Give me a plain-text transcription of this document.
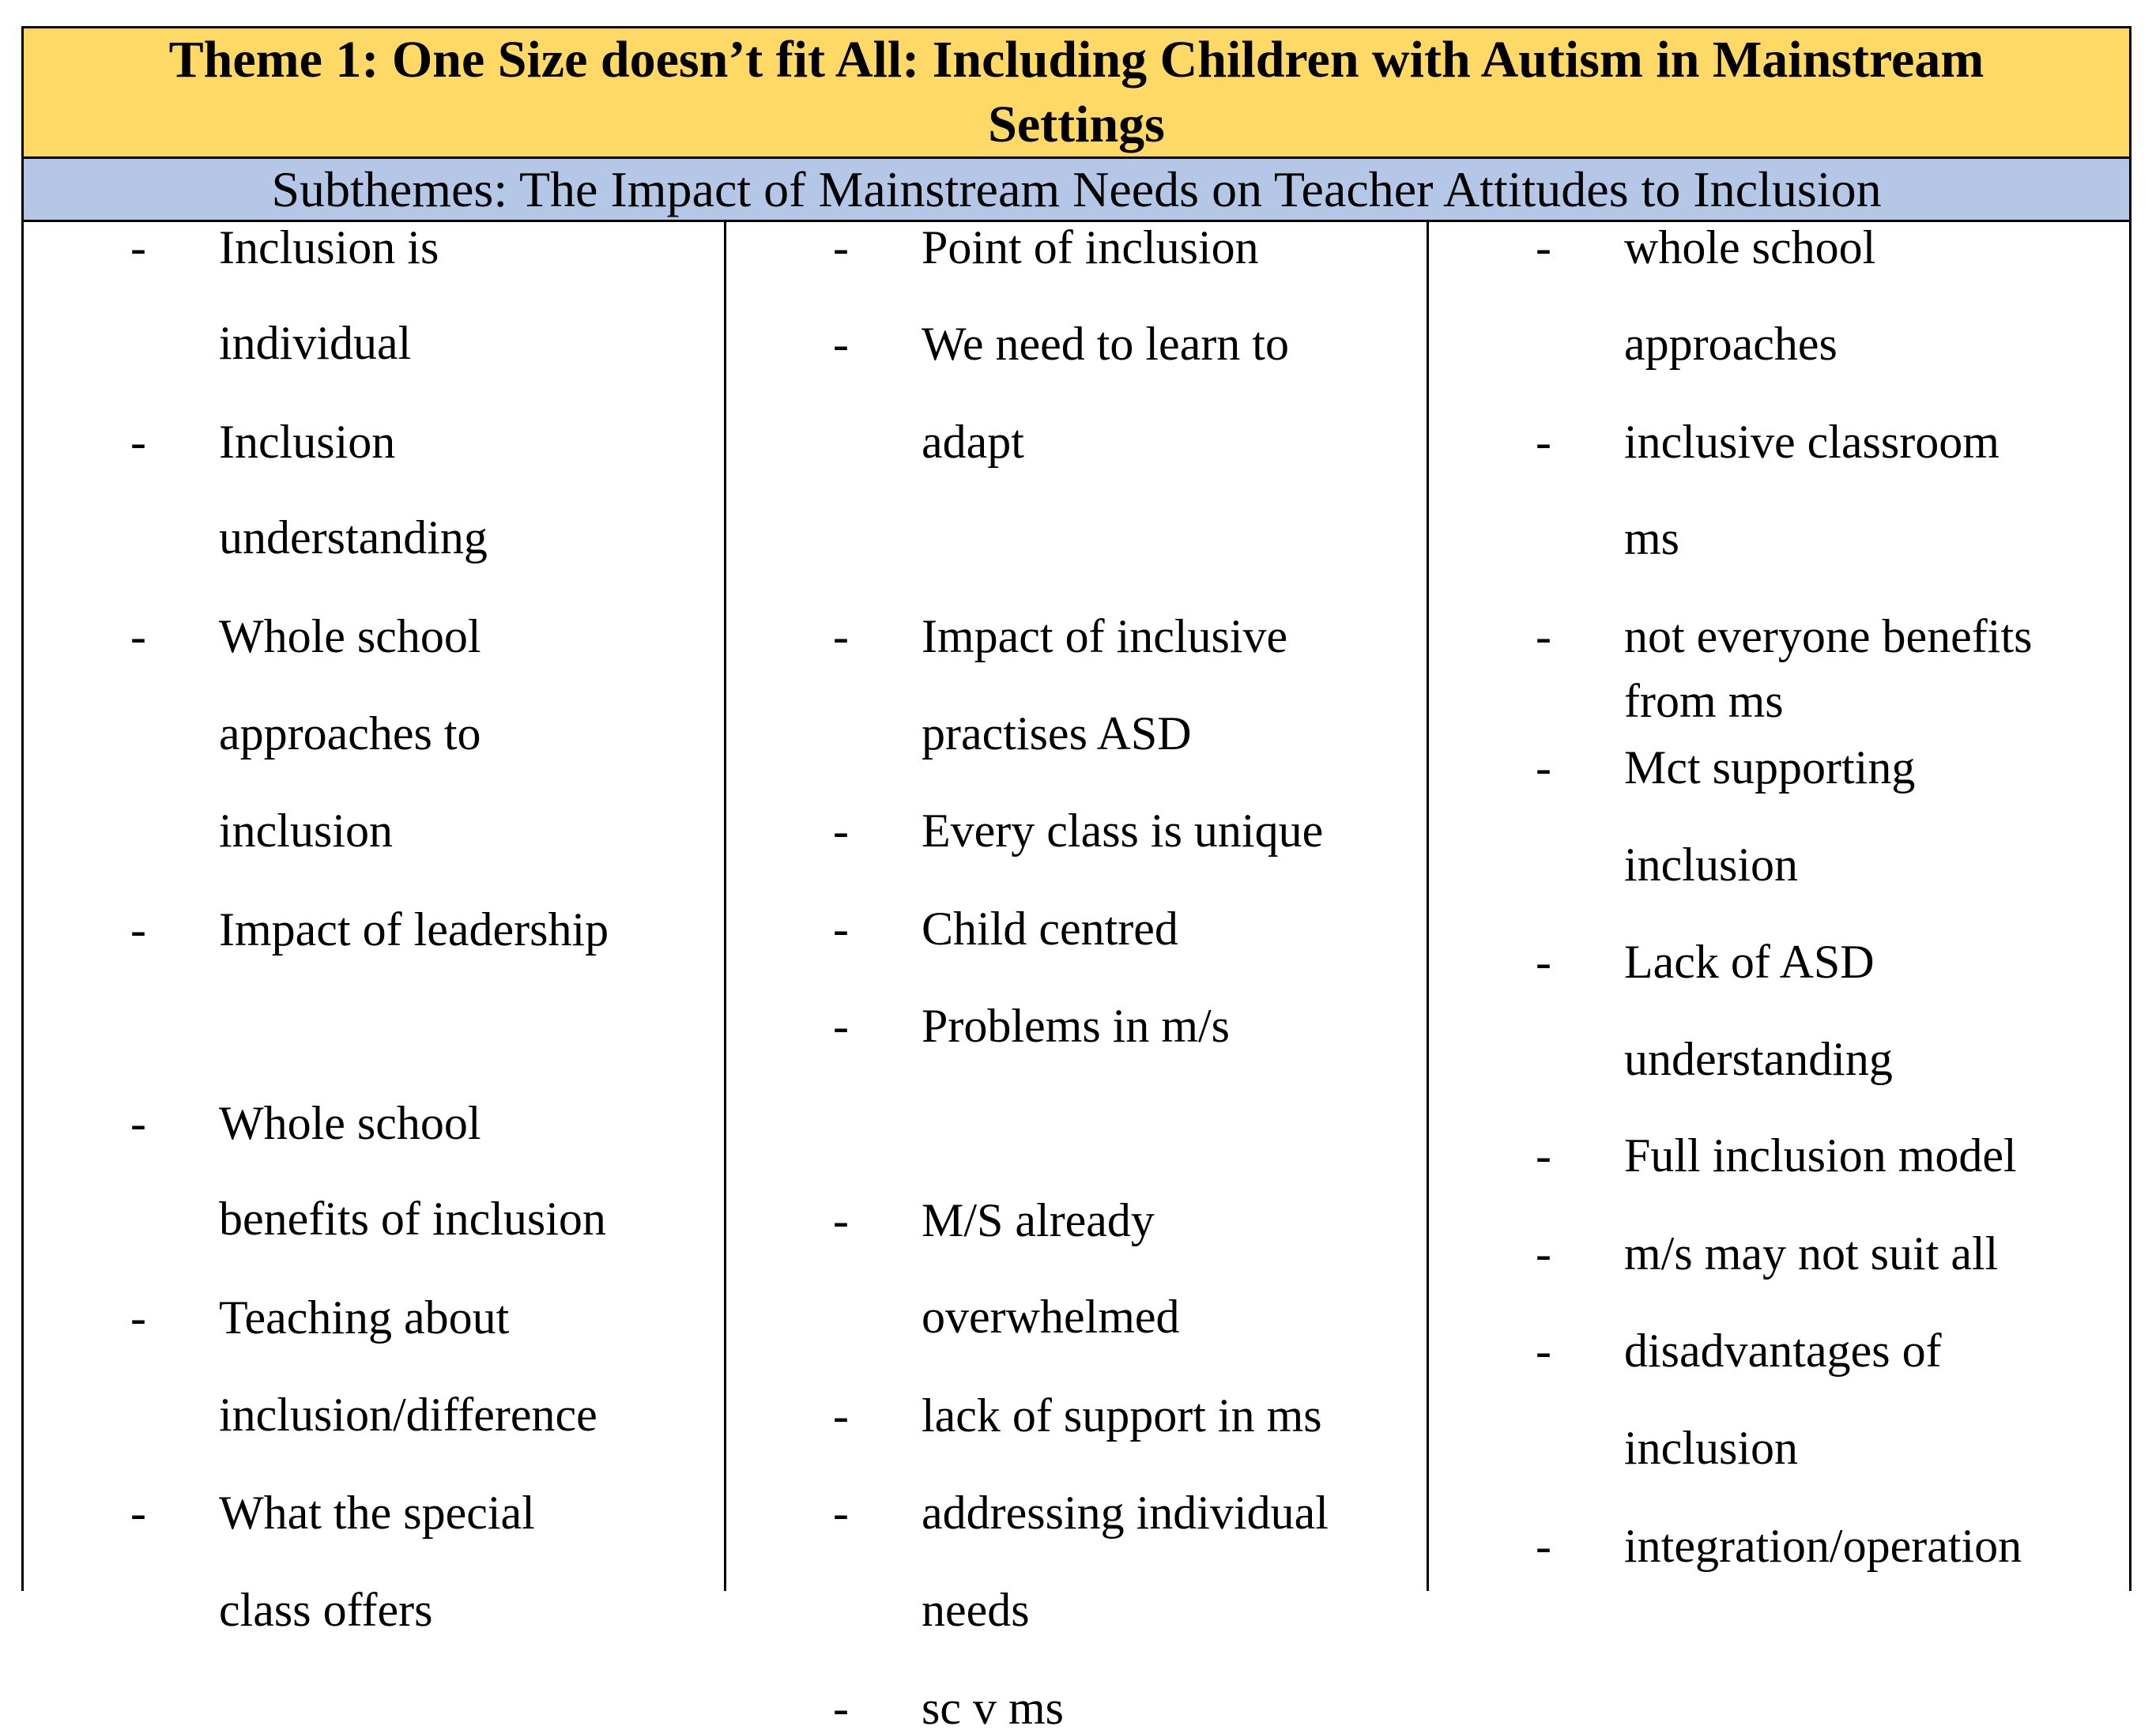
Theme 1: One Size doesn’t fit All: Including Children with Autism in Mainstream Settings
Subthemes: The Impact of Mainstream Needs on Teacher Attitudes to Inclusion
-	Inclusion is
individual
-	Inclusion
understanding
-	Whole school
approaches to
inclusion
-	Impact of leadership
-	Whole school
benefits of inclusion
-	Teaching about
inclusion/difference
-	What the special
class offers
-	Point of inclusion
-	We need to learn to
adapt
-	Impact of inclusive
practises ASD
-	Every class is unique
-	Child centred
-	Problems in m/s
-	M/S already
overwhelmed
-	lack of support in ms
-	addressing individual
needs
-	sc v ms
-	whole school
approaches
-	inclusive classroom
ms
-	not everyone benefits
from ms
-	Mct supporting
inclusion
-	Lack of ASD
understanding
-	Full inclusion model
-	m/s may not suit all
-	disadvantages of
inclusion
-	integration/operation
